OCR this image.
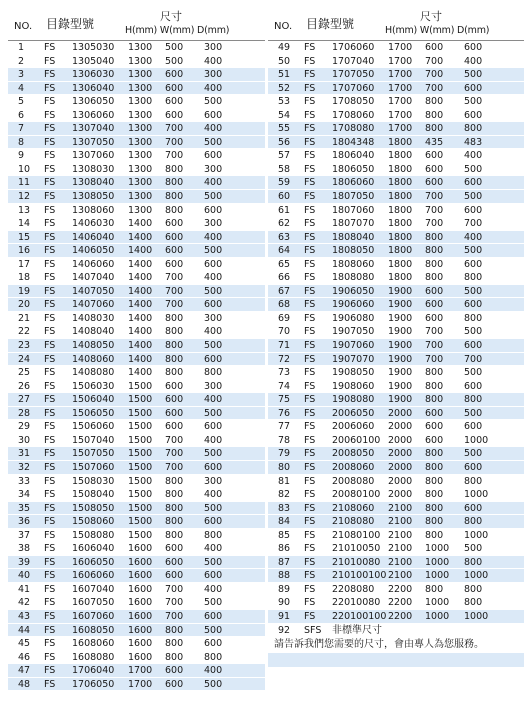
NO. 目錄型號
尺寸
H(mm) W(mm) D(mm)
1 FS 1305030 1300 500 300
2 FS 1305040 1300 500 400
3 FS 1306030 1300 600 300
4 FS 1306040 1300 600 400
5 FS 1306050 1300 600 500
6 FS 1306060 1300 600 600
7 FS 1307040 1300 700 400
8 FS 1307050 1300 700 500
9 FS 1307060 1300 700 600
10 FS 1308030 1300 800 300
11 FS 1308040 1300 800 400
12 FS 1308050 1300 800 500
13 FS 1308060 1300 800 600
14 FS 1406030 1400 600 300
15 FS 1406040 1400 600 400
16 FS 1406050 1400 600 500
17 FS 1406060 1400 600 600
18 FS 1407040 1400 700 400
19 FS 1407050 1400 700 500
20 FS 1407060 1400 700 600
21 FS 1408030 1400 800 300
22 FS 1408040 1400 800 400
23 FS 1408050 1400 800 500
24 FS 1408060 1400 800 600
25 FS 1408080 1400 800 800
26 FS 1506030 1500 600 300
27 FS 1506040 1500 600 400
28 FS 1506050 1500 600 500
29 FS 1506060 1500 600 600
30 FS 1507040 1500 700 400
31 FS 1507050 1500 700 500
32 FS 1507060 1500 700 600
33 FS 1508030 1500 800 300
34 FS 1508040 1500 800 400
35 FS 1508050 1500 800 500
36 FS 1508060 1500 800 600
37 FS 1508080 1500 800 800
38 FS 1606040 1600 600 400
39 FS 1606050 1600 600 500
40 FS 1606060 1600 600 600
41 FS 1607040 1600 700 400
42 FS 1607050 1600 700 500
43 FS 1607060 1600 700 600
44 FS 1608050 1600 800 500
45 FS 1608060 1600 800 600
46 FS 1608080 1600 800 800
47 FS 1706040 1700 600 400
48 FS 1706050 1700 600 500
NO. 目錄型號
尺寸
H(mm) W(mm) D(mm)
49 FS 1706060 1700 600 600
50 FS 1707040 1700 700 400
51 FS 1707050 1700 700 500
52 FS 1707060 1700 700 600
53 FS 1708050 1700 800 500
54 FS 1708060 1700 800 600
55 FS 1708080 1700 800 800
56 FS 1804348 1800 435 483
57 FS 1806040 1800 600 400
58 FS 1806050 1800 600 500
59 FS 1806060 1800 600 600
60 FS 1807050 1800 700 500
61 FS 1807060 1800 700 600
62 FS 1807070 1800 700 700
63 FS 1808040 1800 800 400
64 FS 1808050 1800 800 500
65 FS 1808060 1800 800 600
66 FS 1808080 1800 800 800
67 FS 1906050 1900 600 500
68 FS 1906060 1900 600 600
69 FS 1906080 1900 600 800
70 FS 1907050 1900 700 500
71 FS 1907060 1900 700 600
72 FS 1907070 1900 700 700
73 FS 1908050 1900 800 500
74 FS 1908060 1900 800 600
75 FS 1908080 1900 800 800
76 FS 2006050 2000 600 500
77 FS 2006060 2000 600 600
78 FS 20060100 2000 600 1000
79 FS 2008050 2000 800 500
80 FS 2008060 2000 800 600
81 FS 2008080 2000 800 800
82 FS 20080100 2000 800 1000
83 FS 2108060 2100 800 600
84 FS 2108080 2100 800 800
85 FS 21080100 2100 800 1000
86 FS 21010050 2100 1000 500
87 FS 21010080 2100 1000 800
88 FS 210100100 2100 1000 1000
89 FS 2208080 2200 800 800
90 FS 22010080 2200 1000 800
91 FS 220100100 2200 1000 1000
92 SFS 非標準尺寸
請告訴我們您需要的尺寸，會由專人為您服務。
